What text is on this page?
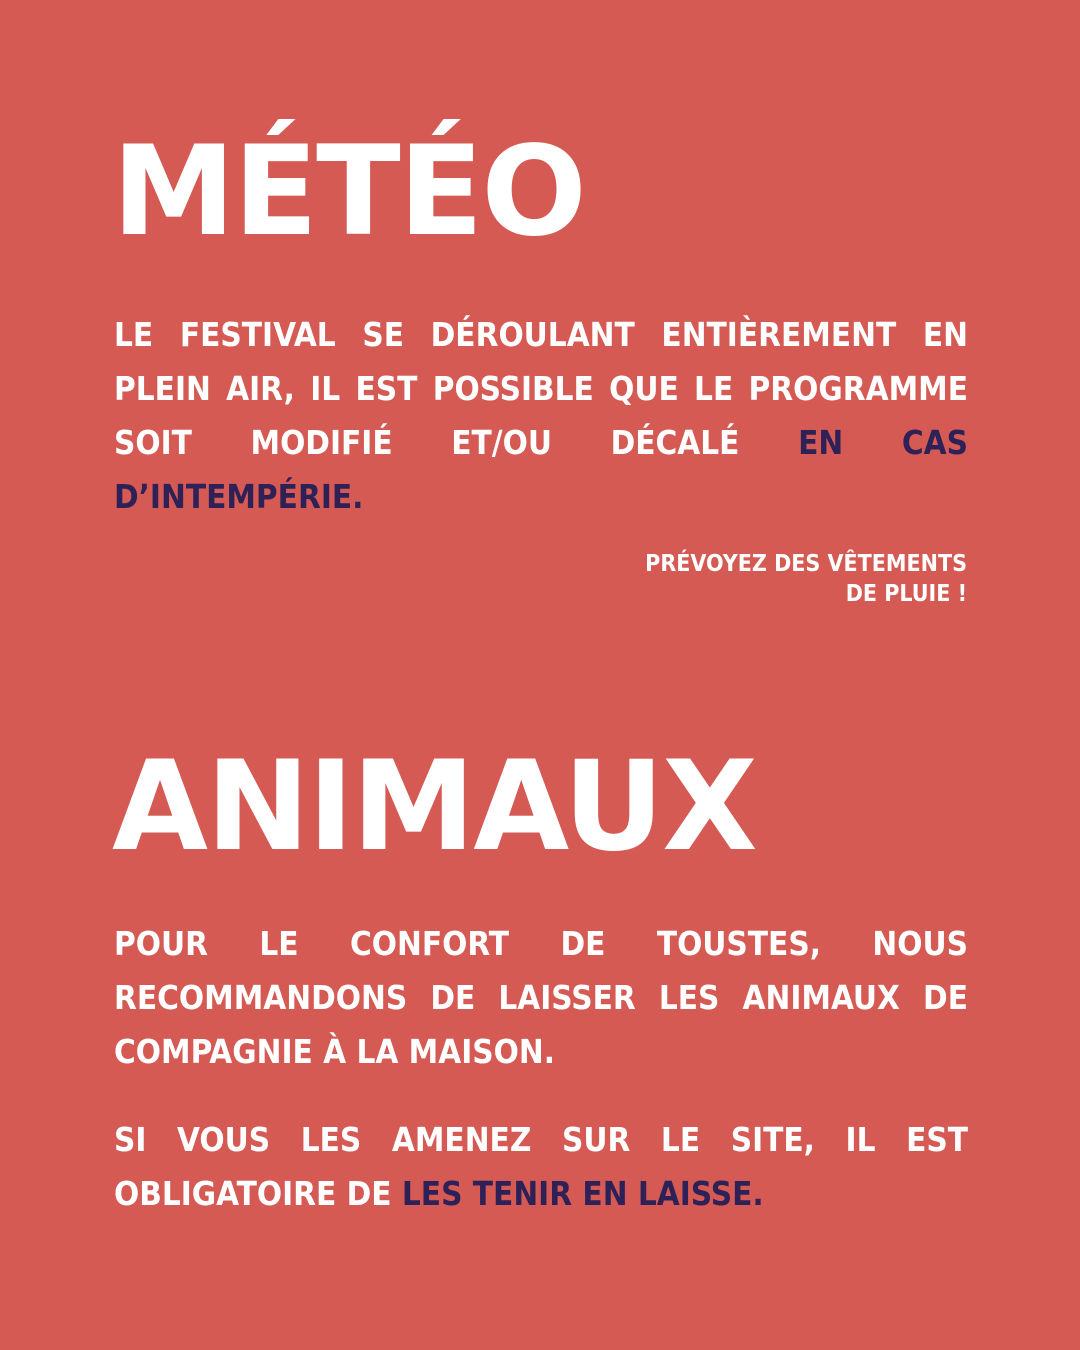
MÉTÉO

LE FESTIVAL SE DÉROULANT ENTIÈREMENT EN PLEIN AIR, IL EST POSSIBLE QUE LE PROGRAMME SOIT MODIFIÉ ET/OU DÉCALÉ EN CAS D’INTEMPÉRIE.

PRÉVOYEZ DES VÊTEMENTS
DE PLUIE !

ANIMAUX

POUR LE CONFORT DE TOUSTES, NOUS RECOMMANDONS DE LAISSER LES ANIMAUX DE COMPAGNIE À LA MAISON.

SI VOUS LES AMENEZ SUR LE SITE, IL EST OBLIGATOIRE DE LES TENIR EN LAISSE.
